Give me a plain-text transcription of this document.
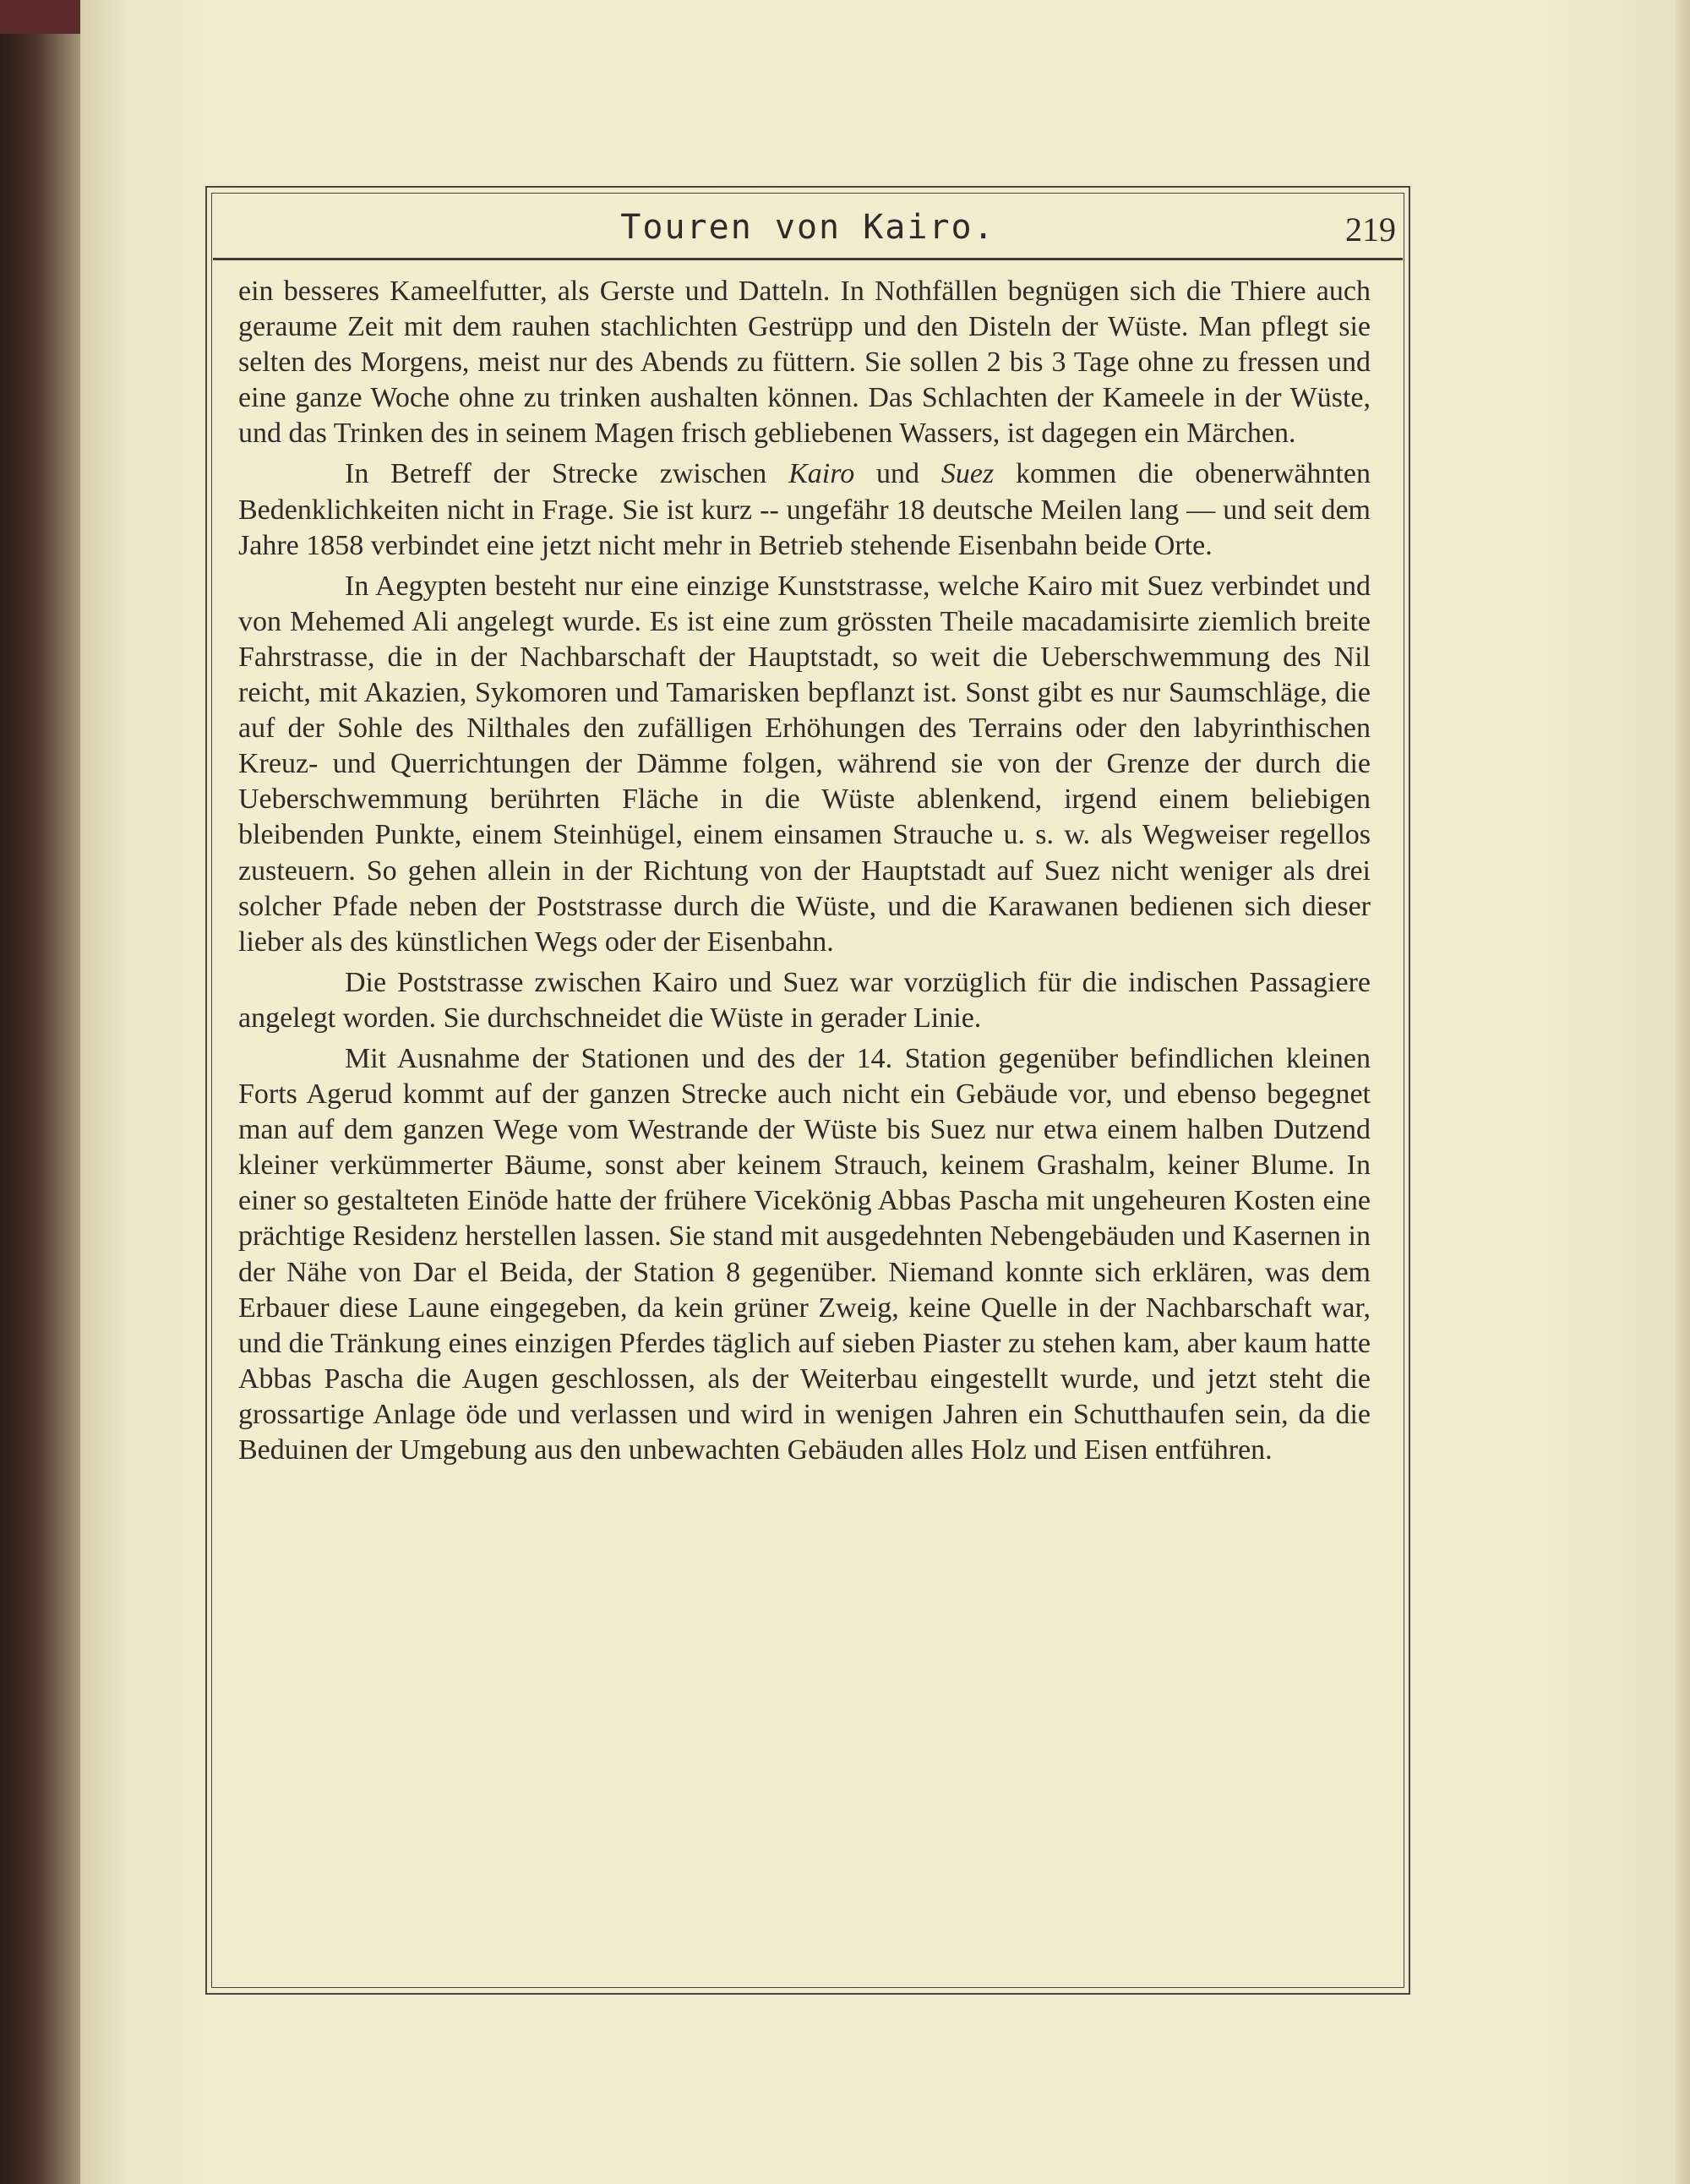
Touren von Kairo.	219

ein besseres Kameelfutter, als Gerste und Datteln. In Nothfällen begnügen sich die Thiere auch geraume Zeit mit dem rauhen stachlichten Gestrüpp und den Disteln der Wüste. Man pflegt sie selten des Morgens, meist nur des Abends zu füttern. Sie sollen 2 bis 3 Tage ohne zu fressen und eine ganze Woche ohne zu trinken aushalten können. Das Schlachten der Kameele in der Wüste, und das Trinken des in seinem Magen frisch gebliebenen Wassers, ist dagegen ein Märchen.

In Betreff der Strecke zwischen Kairo und Suez kommen die obenerwähnten Bedenklichkeiten nicht in Frage. Sie ist kurz -- ungefähr 18 deutsche Meilen lang — und seit dem Jahre 1858 verbindet eine jetzt nicht mehr in Betrieb stehende Eisenbahn beide Orte.

In Aegypten besteht nur eine einzige Kunststrasse, welche Kairo mit Suez verbindet und von Mehemed Ali angelegt wurde. Es ist eine zum grössten Theile macadamisirte ziemlich breite Fahrstrasse, die in der Nachbarschaft der Hauptstadt, so weit die Ueberschwemmung des Nil reicht, mit Akazien, Sykomoren und Tamarisken bepflanzt ist. Sonst gibt es nur Saumschläge, die auf der Sohle des Nilthales den zufälligen Erhöhungen des Terrains oder den labyrinthischen Kreuz- und Querrichtungen der Dämme folgen, während sie von der Grenze der durch die Ueberschwemmung berührten Fläche in die Wüste ablenkend, irgend einem beliebigen bleibenden Punkte, einem Steinhügel, einem einsamen Strauche u. s. w. als Wegweiser regellos zusteuern. So gehen allein in der Richtung von der Hauptstadt auf Suez nicht weniger als drei solcher Pfade neben der Poststrasse durch die Wüste, und die Karawanen bedienen sich dieser lieber als des künstlichen Wegs oder der Eisenbahn.

Die Poststrasse zwischen Kairo und Suez war vorzüglich für die indischen Passagiere angelegt worden. Sie durchschneidet die Wüste in gerader Linie.

Mit Ausnahme der Stationen und des der 14. Station gegenüber befindlichen kleinen Forts Agerud kommt auf der ganzen Strecke auch nicht ein Gebäude vor, und ebenso begegnet man auf dem ganzen Wege vom Westrande der Wüste bis Suez nur etwa einem halben Dutzend kleiner verkümmerter Bäume, sonst aber keinem Strauch, keinem Grashalm, keiner Blume. In einer so gestalteten Einöde hatte der frühere Vicekönig Abbas Pascha mit ungeheuren Kosten eine prächtige Residenz herstellen lassen. Sie stand mit ausgedehnten Nebengebäuden und Kasernen in der Nähe von Dar el Beida, der Station 8 gegenüber. Niemand konnte sich erklären, was dem Erbauer diese Laune eingegeben, da kein grüner Zweig, keine Quelle in der Nachbarschaft war, und die Tränkung eines einzigen Pferdes täglich auf sieben Piaster zu stehen kam, aber kaum hatte Abbas Pascha die Augen geschlossen, als der Weiterbau eingestellt wurde, und jetzt steht die grossartige Anlage öde und verlassen und wird in wenigen Jahren ein Schutthaufen sein, da die Beduinen der Umgebung aus den unbewachten Gebäuden alles Holz und Eisen entführen.
